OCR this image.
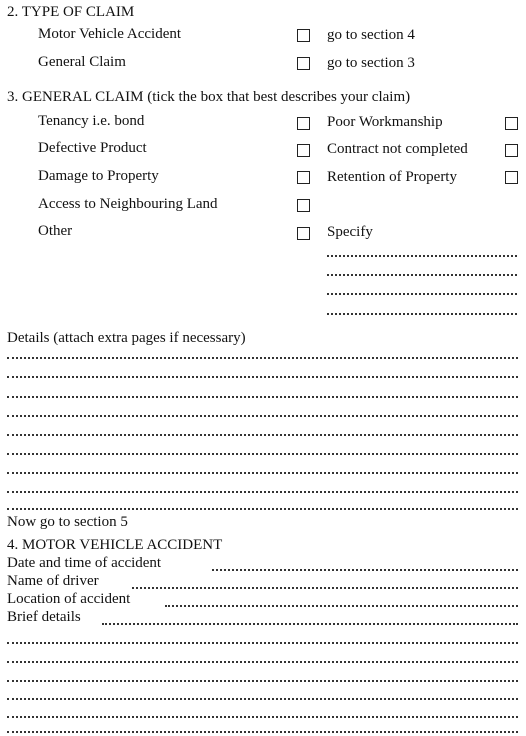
2. TYPE OF CLAIM
Motor Vehicle Accident	go to section 4
General Claim	go to section 3
3. GENERAL CLAIM (tick the box that best describes your claim)
Tenancy i.e. bond	Poor Workmanship
Defective Product	Contract not completed
Damage to Property	Retention of Property
Access to Neighbouring Land
Other	Specify
Details (attach extra pages if necessary)
Now go to section 5
4. MOTOR VEHICLE ACCIDENT
Date and time of accident
Name of driver
Location of accident
Brief details
